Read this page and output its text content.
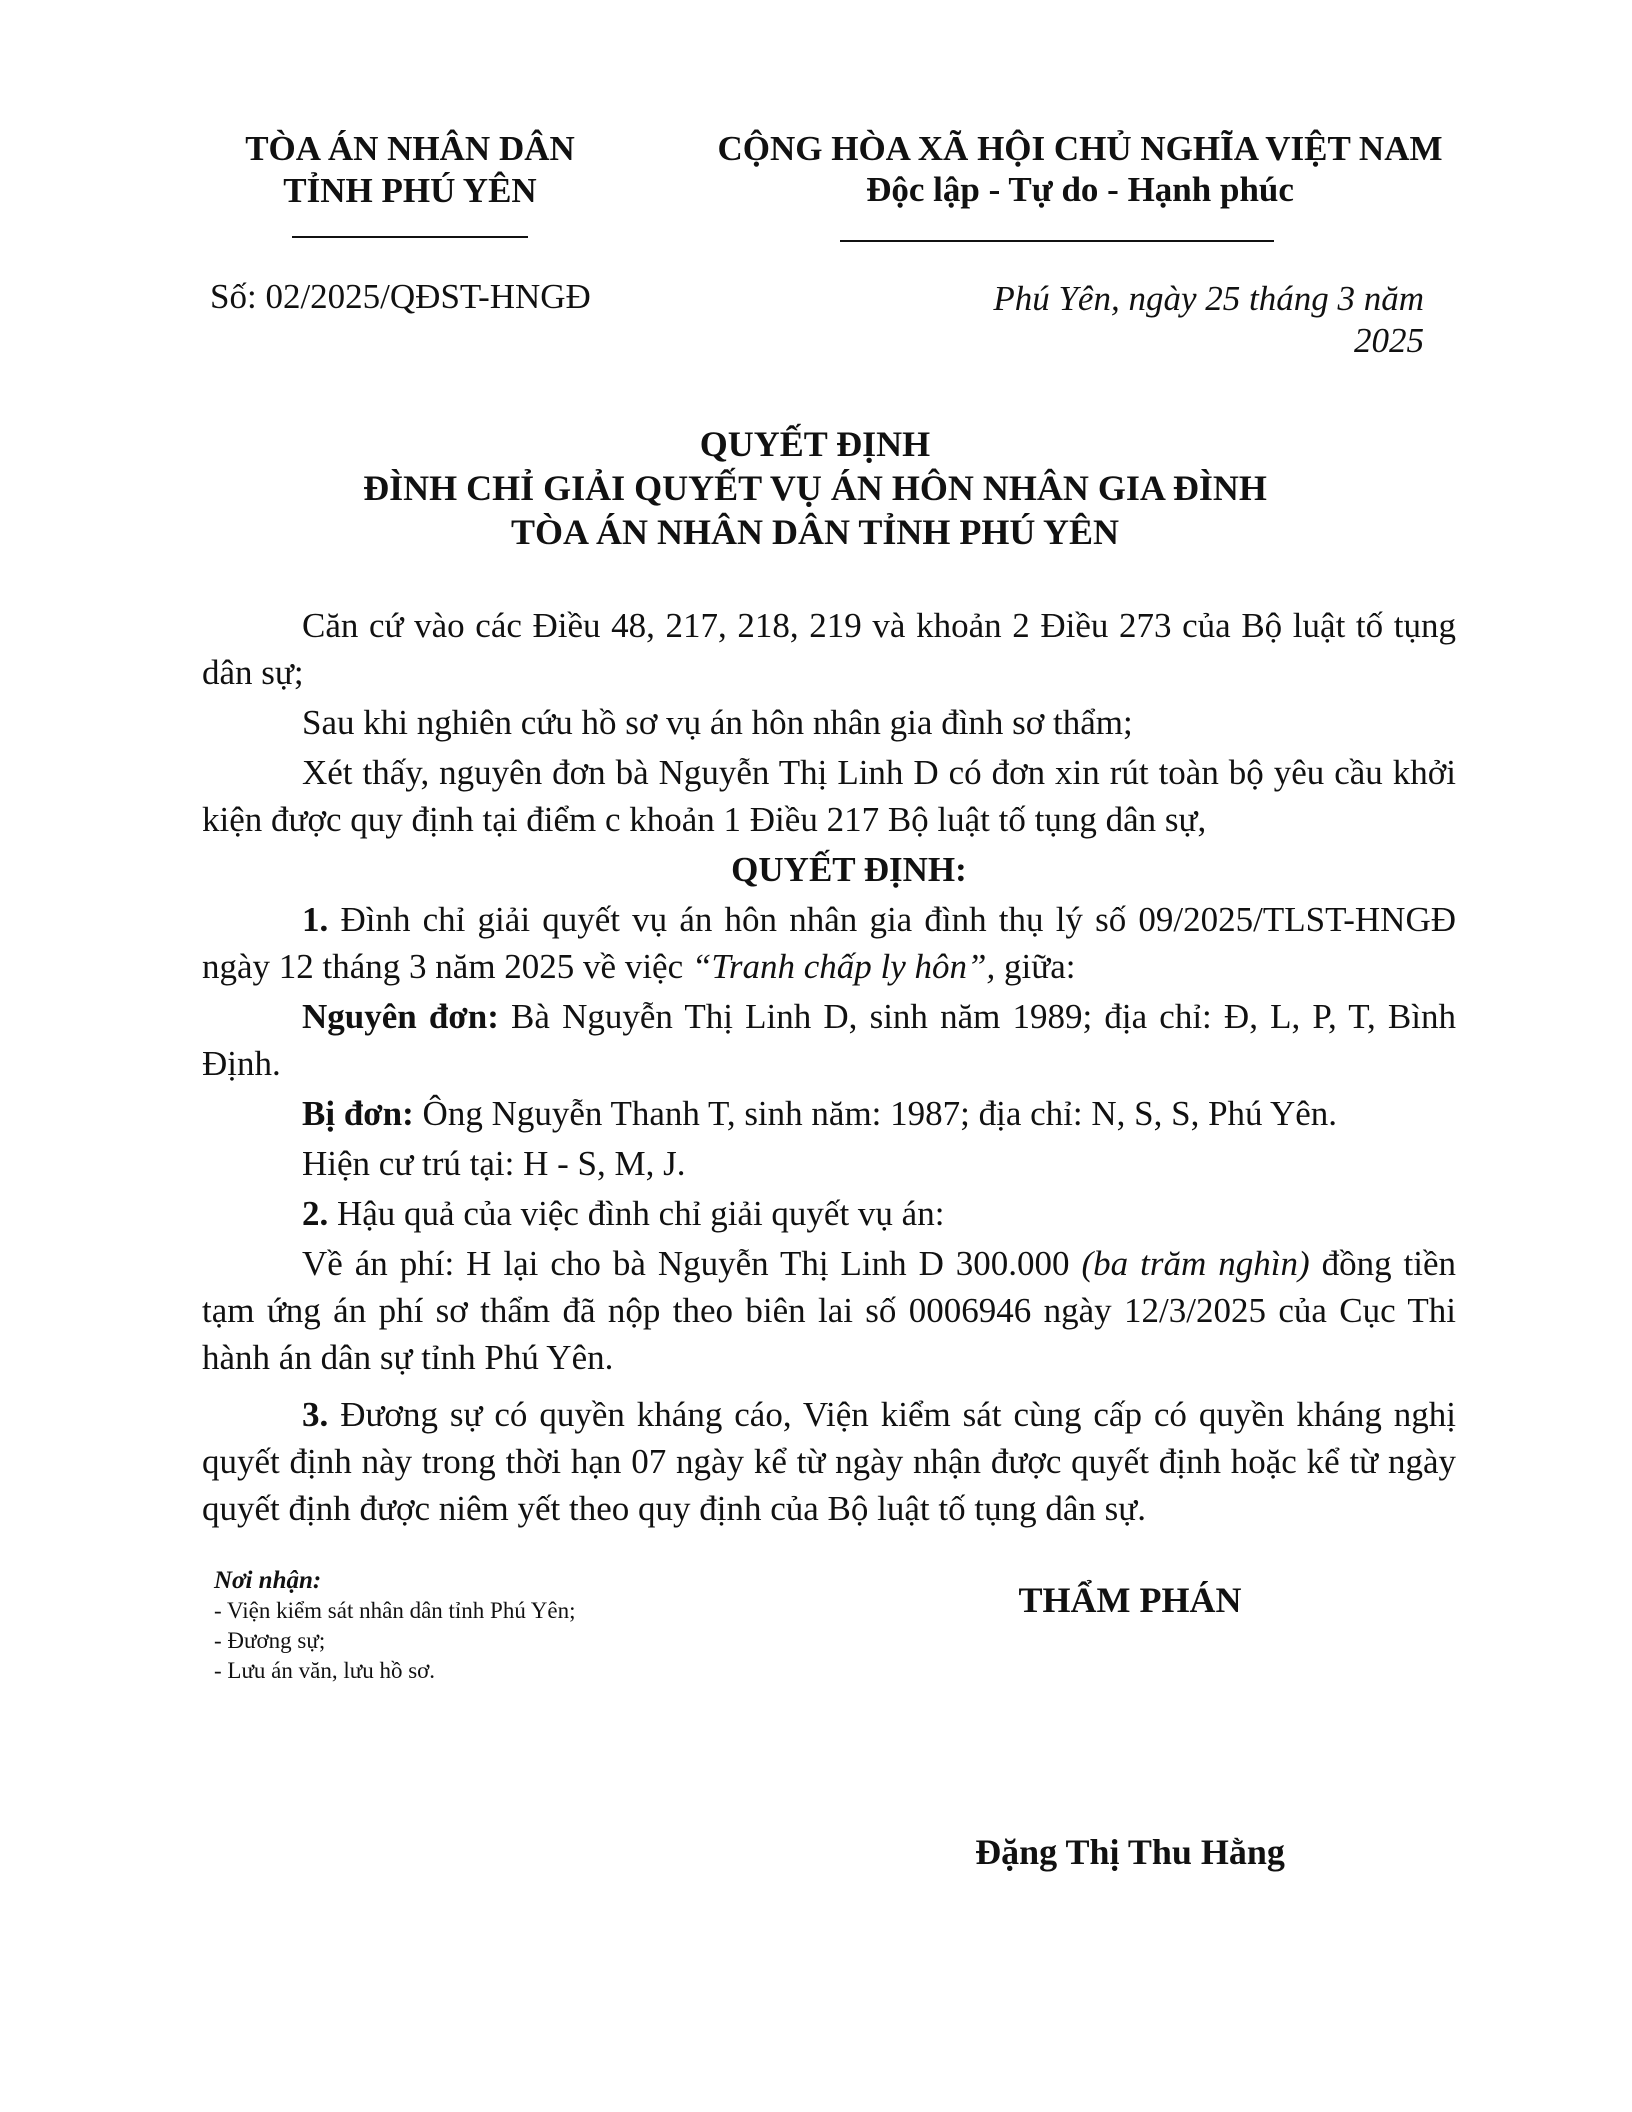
TÒA ÁN NHÂN DÂN
TỈNH PHÚ YÊN
CỘNG HÒA XÃ HỘI CHỦ NGHĨA VIỆT NAM
Độc lập - Tự do - Hạnh phúc
Số: 02/2025/QĐST-HNGĐ	Phú Yên, ngày 25 tháng 3 năm
2025
QUYẾT ĐỊNH
ĐÌNH CHỈ GIẢI QUYẾT VỤ ÁN HÔN NHÂN GIA ĐÌNH
TÒA ÁN NHÂN DÂN TỈNH PHÚ YÊN

Căn cứ vào các Điều 48, 217, 218, 219 và khoản 2 Điều 273 của Bộ luật tố tụng dân sự;

Sau khi nghiên cứu hồ sơ vụ án hôn nhân gia đình sơ thẩm;

Xét thấy, nguyên đơn bà Nguyễn Thị Linh D có đơn xin rút toàn bộ yêu cầu khởi kiện được quy định tại điểm c khoản 1 Điều 217 Bộ luật tố tụng dân sự,

QUYẾT ĐỊNH:

1. Đình chỉ giải quyết vụ án hôn nhân gia đình thụ lý số 09/2025/TLST-HNGĐ ngày 12 tháng 3 năm 2025 về việc “Tranh chấp ly hôn”, giữa:

Nguyên đơn: Bà Nguyễn Thị Linh D, sinh năm 1989; địa chỉ: Đ, L, P, T, Bình Định.

Bị đơn: Ông Nguyễn Thanh T, sinh năm: 1987; địa chỉ: N, S, S, Phú Yên.

Hiện cư trú tại: H - S, M, J.

2. Hậu quả của việc đình chỉ giải quyết vụ án:

Về án phí: H lại cho bà Nguyễn Thị Linh D 300.000 (ba trăm nghìn) đồng tiền tạm ứng án phí sơ thẩm đã nộp theo biên lai số 0006946 ngày 12/3/2025 của Cục Thi hành án dân sự tỉnh Phú Yên.

3. Đương sự có quyền kháng cáo, Viện kiểm sát cùng cấp có quyền kháng nghị quyết định này trong thời hạn 07 ngày kể từ ngày nhận được quyết định hoặc kể từ ngày quyết định được niêm yết theo quy định của Bộ luật tố tụng dân sự.

Nơi nhận:
- Viện kiểm sát nhân dân tỉnh Phú Yên;
- Đương sự;
- Lưu án văn, lưu hồ sơ.
THẨM PHÁN
Đặng Thị Thu Hằng
